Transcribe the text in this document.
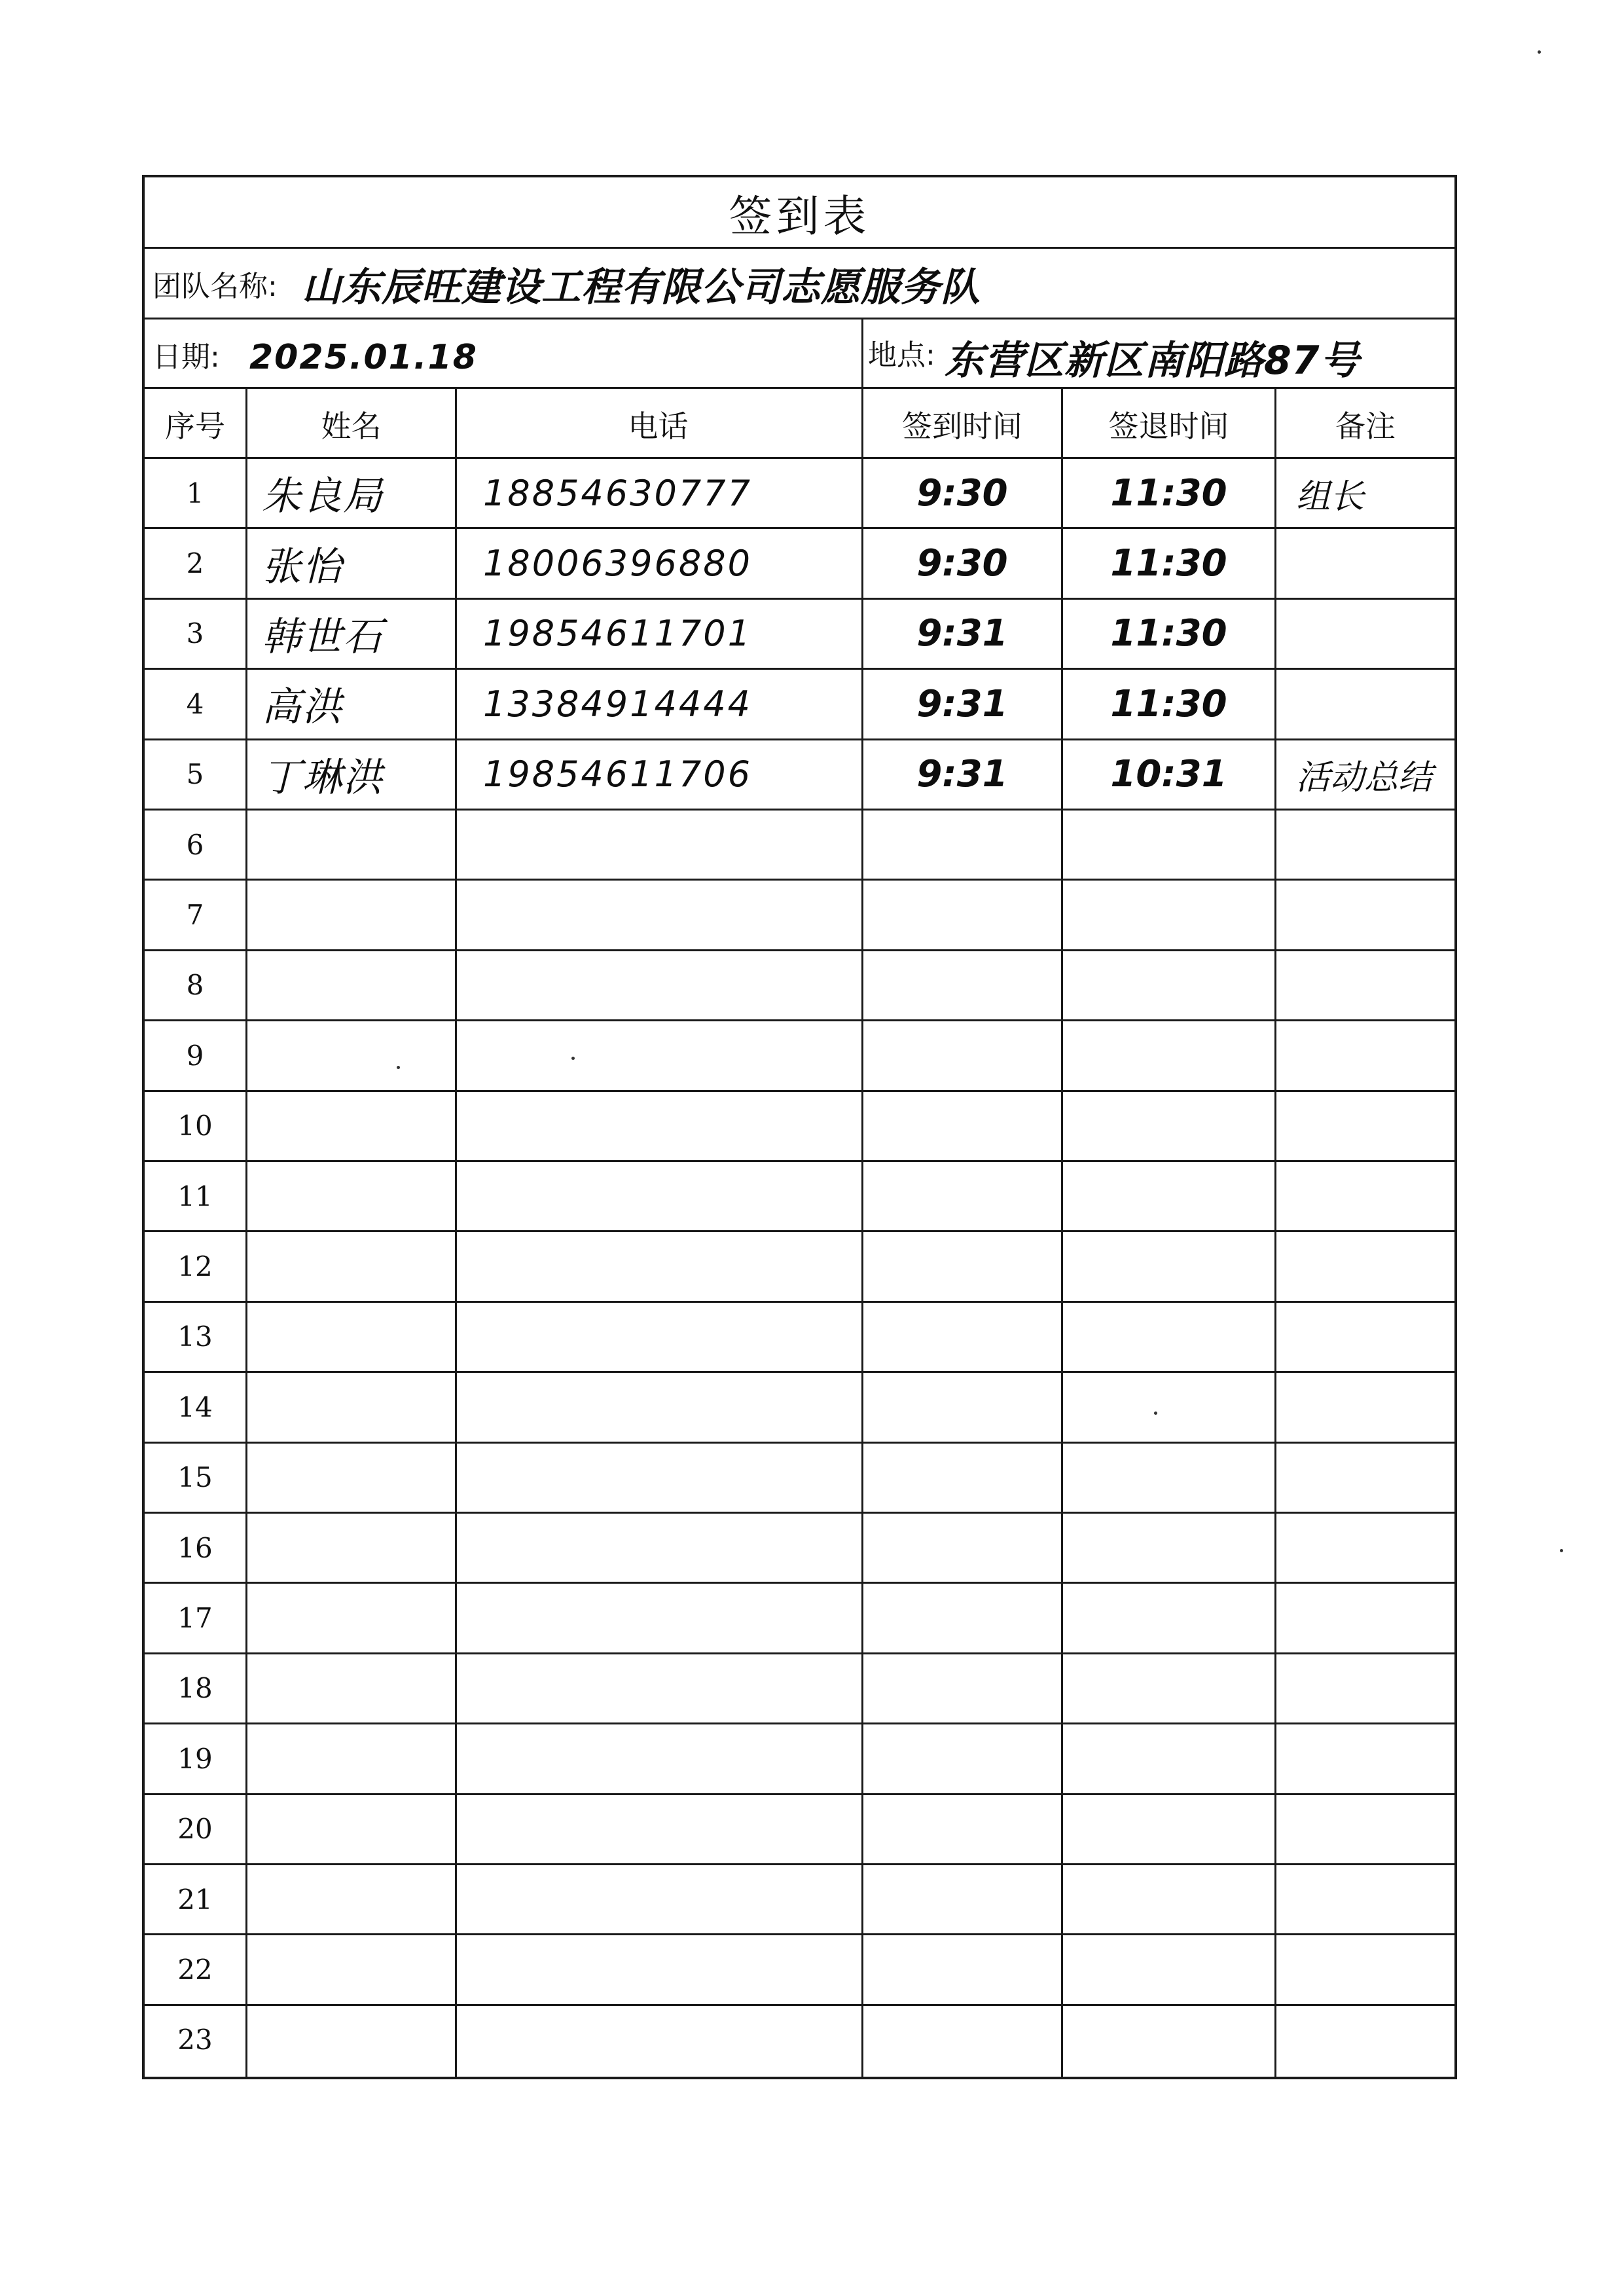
签到表
团队名称: 山东辰旺建设工程有限公司志愿服务队
日期: 2025.01.18	地点: 东营区新区南阳路87号
序号	姓名	电话	签到时间	签退时间	备注
1	朱良局	18854630777	9:30	11:30	组长
2	张怡	18006396880	9:30	11:30
3	韩世石	19854611701	9:31	11:30
4	高洪	13384914444	9:31	11:30
5	丁琳洪	19854611706	9:31	10:31	活动总结
6
7
8
9
10
11
12
13
14
15
16
17
18
19
20
21
22
23
